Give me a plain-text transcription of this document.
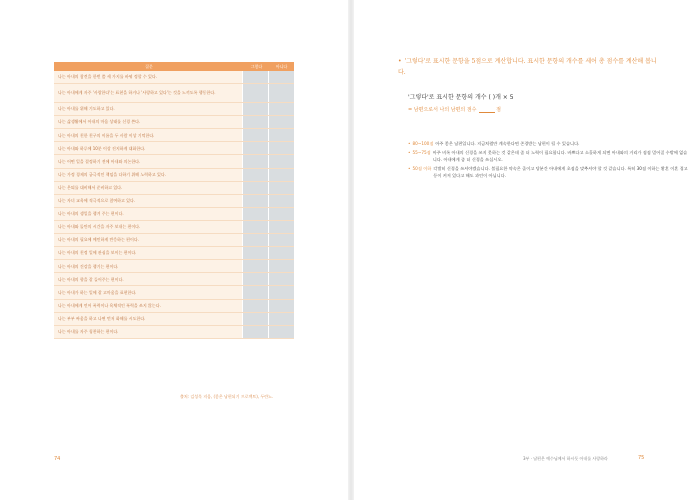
질문	그렇다	아니다
나는 아내의 참견을 한번 쯤 세 가지를 바꿔 정할 수 있다.
나는 아내에게 자주 '사랑한다'는 표현을 하거나 '사랑하고 있다'는 것을 느끼도록 행동한다.
나는 아내를 위해 기도하고 있다.
나는 삶생활에서 아내의 마음 상태를 신경 쓴다.
나는 아내의 친한 친구의 이름을 두 사람 이상 기억한다.
나는 아내와 하루에 10분 이상 진지하게 대화한다.
나는 어떤 일을 결정하기 전에 아내와 의논한다.
나는 가정 경제의 궁극적인 책임을 다하기 위해 노력하고 있다.
나는 은퇴를 대비해서 준비하고 있다.
나는 자녀 교육에 적극적으로 참여하고 있다.
나는 아내의 생일을 챙겨 주는 편이다.
나는 아내와 둘만의 시간을 자주 보내는 편이다.
나는 아내의 필요에 예민하게 반응하는 편이다.
나는 아내의 친정 일에 관심을 보이는 편이다.
나는 아내의 건강을 챙기는 편이다.
나는 아내의 향을 잘 들어주는 편이다.
나는 아내가 하는 일에 잘 고마움을 표현한다.
나는 아내에게 언어 폭력이나 육체적인 폭력을 쓰지 않는다.
나는 부부 싸움을 하고 나면 먼저 화해를 시도한다.
나는 아내를 자주 칭찬하는 편이다.
출처: 김성묵 지음, (좋은 남편되기 프로젝트), 두란노.
74
• '그렇다'로 표시한 문항을 5점으로 계산합니다. 표시한 문항의 개수를 세어 총 점수를 계산해 봅니다.
'그렇다'로 표시한 문항의 개수 ( )개 × 5
= 남편으로서 나의 남편의 점수	점
• 80~100점 아주 좋은 남편입니다. 지금처럼만 계속한다면 존경받는 남편이 될 수 있습니다.
• 55~75점 아주 비록 아내의 신경을 쓰지 못하는 것 같은데 좀 더 노력이 필요합니다. 바쁘다고 소홀하게 되면 아내와의 거리가 점점 멀어질 수밖에 없습니다. 아내에게 좀 더 신경을 쓰십시오.
• 50점 이하 각별히 신경을 쓰셔야겠습니다. 불필요한 약속은 줄이고 당분간 아내에게 초점을 맞추셔야 할 것 같습니다. 특히 30점 이하는 황혼 이혼 경고등이 켜져 있다고 해도 과언이 아닙니다.
3부 · 남편은 예수님께서 하시듯 아내를 사랑하라	75
